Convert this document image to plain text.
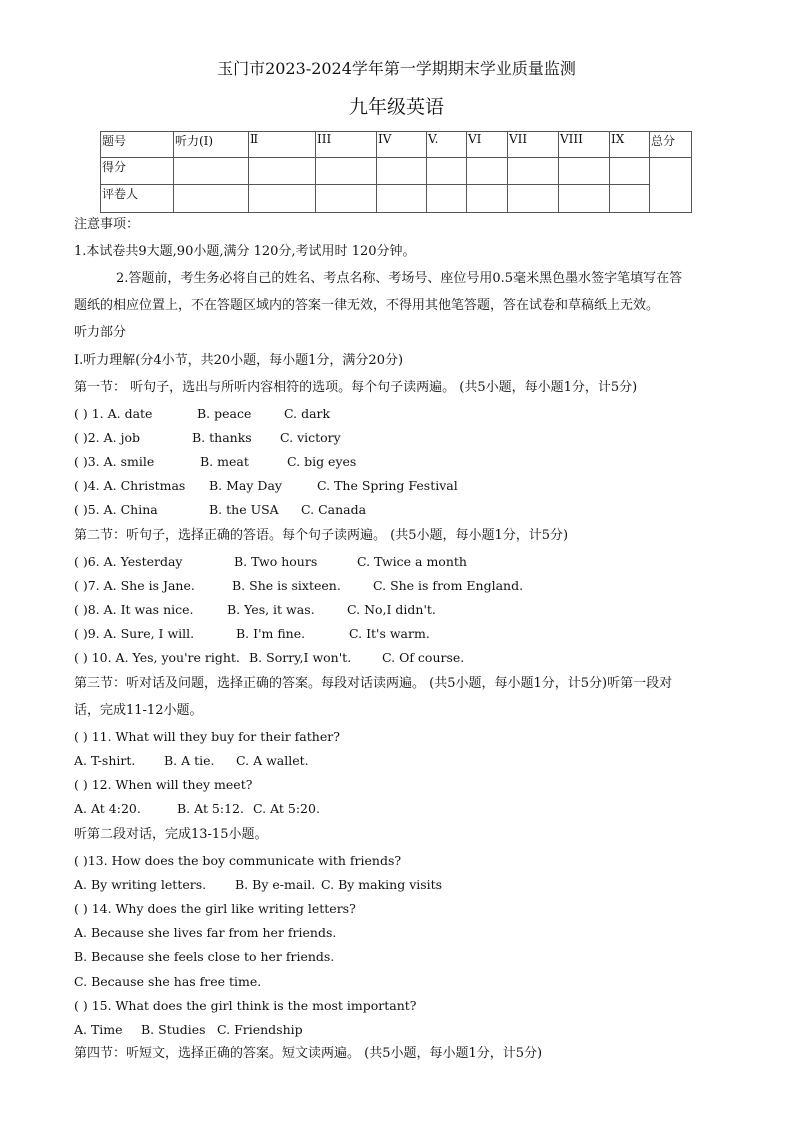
玉门市2023-2024学年第一学期期末学业质量监测
九年级英语
题号	听力(I)	Ⅱ	III	IV	V.	VI	VII	VIII	IX	总分
得分										
评卷人										
注意事项：
1.本试卷共9大题,90小题,满分 120分,考试用时 120分钟。
2.答题前，考生务必将自己的姓名、考点名称、考场号、座位号用0.5毫米黑色墨水签字笔填写在答
题纸的相应位置上，不在答题区域内的答案一律无效，不得用其他笔答题，答在试卷和草稿纸上无效。
听力部分
I.听力理解(分4小节，共20小题，每小题1分，满分20分)
第一节： 听句子，选出与所听内容相符的选项。每个句子读两遍。 (共5小题，每小题1分，计5分)
( ) 1. A. date	B. peace	C. dark
( )2. A. job	B. thanks C. victory
( )3. A. smile	B. meat	C. big eyes
( )4. A. Christmas B. May Day	C. The Spring Festival
( )5. A. China	B. the USA C. Canada
第二节：听句子，选择正确的答语。每个句子读两遍。 (共5小题，每小题1分，计5分)
( )6. A. Yesterday	B. Two hours	C. Twice a month
( )7. A. She is Jane.	B. She is sixteen.	C. She is from England.
( )8. A. It was nice.	B. Yes, it was.	C. No,I didn't.
( )9. A. Sure, I will.	B. I'm fine.	C. It's warm.
( ) 10. A. Yes, you're right. B. Sorry,I won't. C. Of course.
第三节：听对话及问题，选择正确的答案。每段对话读两遍。 (共5小题，每小题1分，计5分)听第一段对
话，完成11-12小题。
( ) 11. What will they buy for their father?
A. T-shirt. B. A tie. C. A wallet.
( ) 12. When will they meet?
A. At 4:20.	B. At 5:12. C. At 5:20.
听第二段对话，完成13-15小题。
( )13. How does the boy communicate with friends?
A. By writing letters. B. By e-mail. C. By making visits
( ) 14. Why does the girl like writing letters?
A. Because she lives far from her friends.
B. Because she feels close to her friends.
C. Because she has free time.
( ) 15. What does the girl think is the most important?
A. Time B. Studies C. Friendship
第四节：听短文，选择正确的答案。短文读两遍。 (共5小题，每小题1分，计5分)
